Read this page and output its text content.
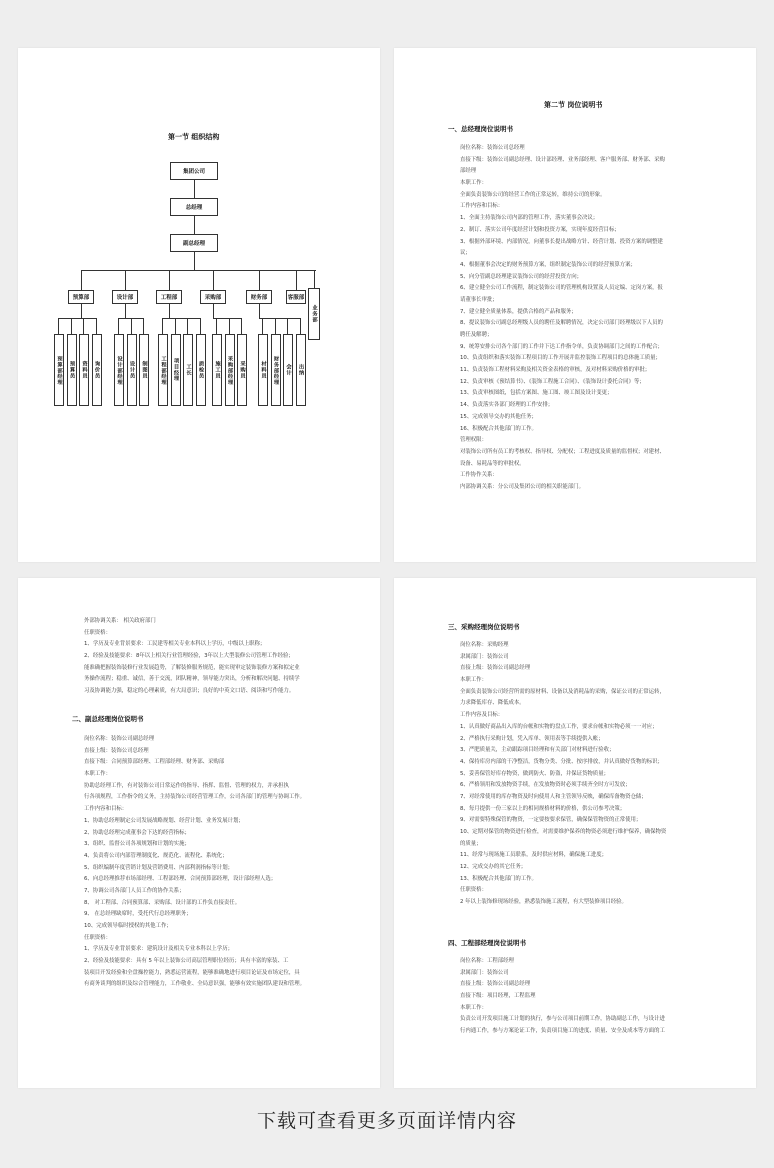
第一节 组织结构
集团公司
总经理
副总经理
预算部	设计部	工程部	采购部	财务部	客服部
业务部
预算部经理	预算员	资料员	询价员	设计部经理	设计员	制图员	工程部经理	项目经理	工长	质检员	施工员	采购部经理	采购员	材料员	财务部经理	会计	出纳
第二节 岗位说明书
一、总经理岗位说明书
岗位名称：装饰公司总经理
直接下级：装饰公司副总经理、设计部经理、业务部经理、客户服务部、财务部、采购
部经理
本职工作：
全面负责装饰公司的经营工作的正常运转，维持公司的形象。
工作内容和目标：
1、全面主持装饰公司内部的管理工作，落实董事会决议；
2、制订、落实公司年度经营计划和投资方案，实现年度经营目标；
3、根据外部环境、内部情况，向董事长提出战略方针、经营计划、投资方案的调整建
议；
4、根据董事会决定的财务预算方案，组织制定装饰公司的经营预算方案；
5、向分管副总经理建议装饰公司的经营投资方向；
6、建立健全公司工作流程，制定装饰公司的管理机构设置及人员定编、定岗方案，报
请董事长审批；
7、建立健全质量体系，提供合格的产品和服务；
8、提议装饰公司副总经理级人员的聘任及解聘情况，决定公司部门经理级以下人员的
聘任及解聘；
9、统筹安排公司各个部门的工作并下达工作指令单，负责协调部门之间的工作配合；
10、负责组织和落实装饰工程项目的工作开展并监控装饰工程项目的总体施工质量；
11、负责装饰工程材料采购及相关资金表格的审核，及对材料采购价格的审批；
12、负责审核《预结算书》、《装饰工程施工合同》、《装饰设计委托合同》等；
13、负责审核图纸，包括方案图、施工图、竣工图及设计变更；
14、负责落实各部门经理的工作安排；
15、完成领导交办的其他任务；
16、积极配合其他部门的工作。
管理权限：
对装饰公司所有员工的考核权、指导权、分配权；工程进度及质量的监督权；对建材、
设备、易耗品等的审批权。
工作协作关系：
内部协调关系：分公司及集团公司的相关职能部门。

外部协调关系： 相关政府部门
任职资格：
1、学历及专业背景要求：工民建等相关专业本科以上学历，中级以上职称；
2、经验及技能要求：8年以上相关行业管理经验，3年以上大型装修公司管理工作经验；
能准确把握装饰装修行业发展趋势，了解装修服务规范，能实现审定装饰装修方案和拟定业
务操作流程；稳重、诚信，善于交流，团队精神，领导能力突出，分析和解决问题、持续学
习及协调能力强，稳定的心理素质，有大局意识；良好的中英文口语、阅读和写作能力。
二、副总经理岗位说明书
岗位名称：装饰公司副总经理
直接上级：装饰公司总经理
直接下级：合同预算部经理、工程部经理、财务部、采购部
本职工作：
协助总经理工作，有对装饰公司日常运作的指导、指挥、监督、管理的权力，并承担执
行各项规程，工作指令的义务，主持装饰公司经营管理工作，公司各部门的管理与协调工作。
工作内容和目标：
1、协助总经理制定公司发展战略规划、经营计划、业务发展计划；
2、协助总经理完成董事会下达的经营指标；
3、组织、监督公司各项规划和计划的实施；
4、负责将公司内部管理制度化、规范化、流程化、系统化；
5、组织编制年度营销计划及营销费用、内部利润指标等计划；
6、向总经理推荐市场部经理、工程部经理、合同预算部经理，设计部经理人选；
7、协调公司各部门人员工作的协作关系；
8、 对工程部、合同预算部、采购部、设计部的工作负直接责任。
9、 在总经理缺席时，受托代行总经理职务；
10、完成领导临时授权的其他工作；
任职资格：
1、学历及专业背景要求：建筑设计及相关专业本科以上学历；
2、经验及技能要求：具有 5 年以上装饰公司高层管理职位经历；具有丰富的家装、工
装项目开发经验和全盘操控能力，熟悉运营流程，能够准确地进行项目论证及市场定位，具
有商务谈判的组织及综合管理能力，工作敬业、全局意识强，能够有效实施团队建设和管理。
三、采购经理岗位说明书
岗位名称：采购经理
隶属部门：装饰公司
直接上级：装饰公司副总经理
本职工作：
全面负责装饰公司经营所需的原材料、设备以及消耗品的采购，保证公司的正常运转，
力求降低库存、降低成本。
工作内容及目标：
1、认真做好商品出入库的台帐和实物的盘点工作，要求台帐和实物必须一一对应；
2、严格执行采购计划，凭入库单、领用表等手续提供入帐；
3、严肥质量关，主动跟踪项目经理和有关部门对材料进行验收；
4、保持库房内部的干净整洁，货物分类、分批、按序排放，并认真做好货物的标识；
5、妥善保管好库存物资，做到防火、防盗，并保证货物质量；
6、严格领用和发放物资手续，在发放物资时必须手续齐全时方可发放；
7、对经常使用的库存物资及时向使用人和主管领导反映，确保库备物资仓储；
8、每月提供一份三家以上的相同规格材料的价格，供公司参考决策；
9、对需要特殊保管的物资，一定要按要求保管，确保保管物资的正常使用；
10、定期对保管的物资进行检查，对需要维护保养的物资必须进行维护保养，确保物资
的质量；
11、经常与现场施工员联系，及时供应材料，确保施工进度；
12、完成交办的其它任务；
13、积极配合其他部门的工作。
任职资格：
2 年以上装饰修现场经验，熟悉装饰施工流程，有大型装修项目经验。
四、工程部经理岗位说明书
岗位名称：工程部经理
隶属部门：装饰公司
直接上级：装饰公司副总经理
直接下级：项目经理，工程监理
本职工作：
负责公司开发项目施工计划的执行，参与公司项目前期工作，协助副总工作，与设计进
行内通工作，参与方案论证工作，负责项目施工的进度、质量、安全及成本等方面的工
下载可查看更多页面详情内容
